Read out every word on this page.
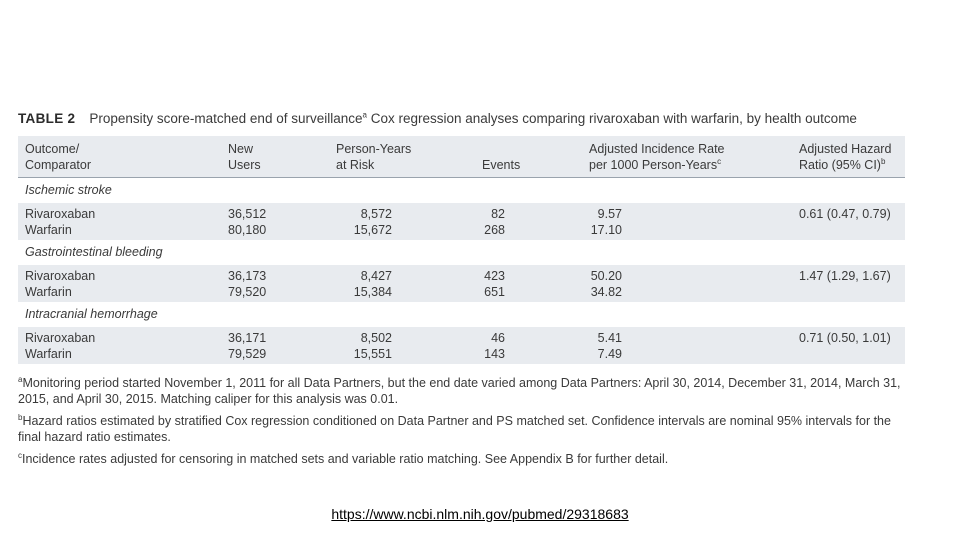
TABLE 2 Propensity score-matched end of surveillance$^a$ Cox regression analyses comparing rivaroxaban with warfarin, by health outcome
Outcome/
Comparator
New
Users
Person-Years
at Risk	Events
Adjusted Incidence Rate
per 1000 Person-Years$^c$
Adjusted Hazard
Ratio (95% CI)$^b$
Ischemic stroke
Rivaroxaban
Warfarin
36,512
80,180
8,572
15,672
82
268
9.57
17.10
0.61 (0.47, 0.79)
Gastrointestinal bleeding
Rivaroxaban
Warfarin
36,173
79,520
8,427
15,384
423
651
50.20
34.82
1.47 (1.29, 1.67)
Intracranial hemorrhage
Rivaroxaban
Warfarin
36,171
79,529
8,502
15,551
46
143
5.41
7.49
0.71 (0.50, 1.01)

$^a$Monitoring period started November 1, 2011 for all Data Partners, but the end date varied among Data Partners: April 30, 2014, December 31, 2014, March 31, 2015, and April 30, 2015. Matching caliper for this analysis was 0.01.

$^b$Hazard ratios estimated by stratified Cox regression conditioned on Data Partner and PS matched set. Confidence intervals are nominal 95% intervals for the final hazard ratio estimates.

$^c$Incidence rates adjusted for censoring in matched sets and variable ratio matching. See Appendix B for further detail.

https://www.ncbi.nlm.nih.gov/pubmed/29318683
